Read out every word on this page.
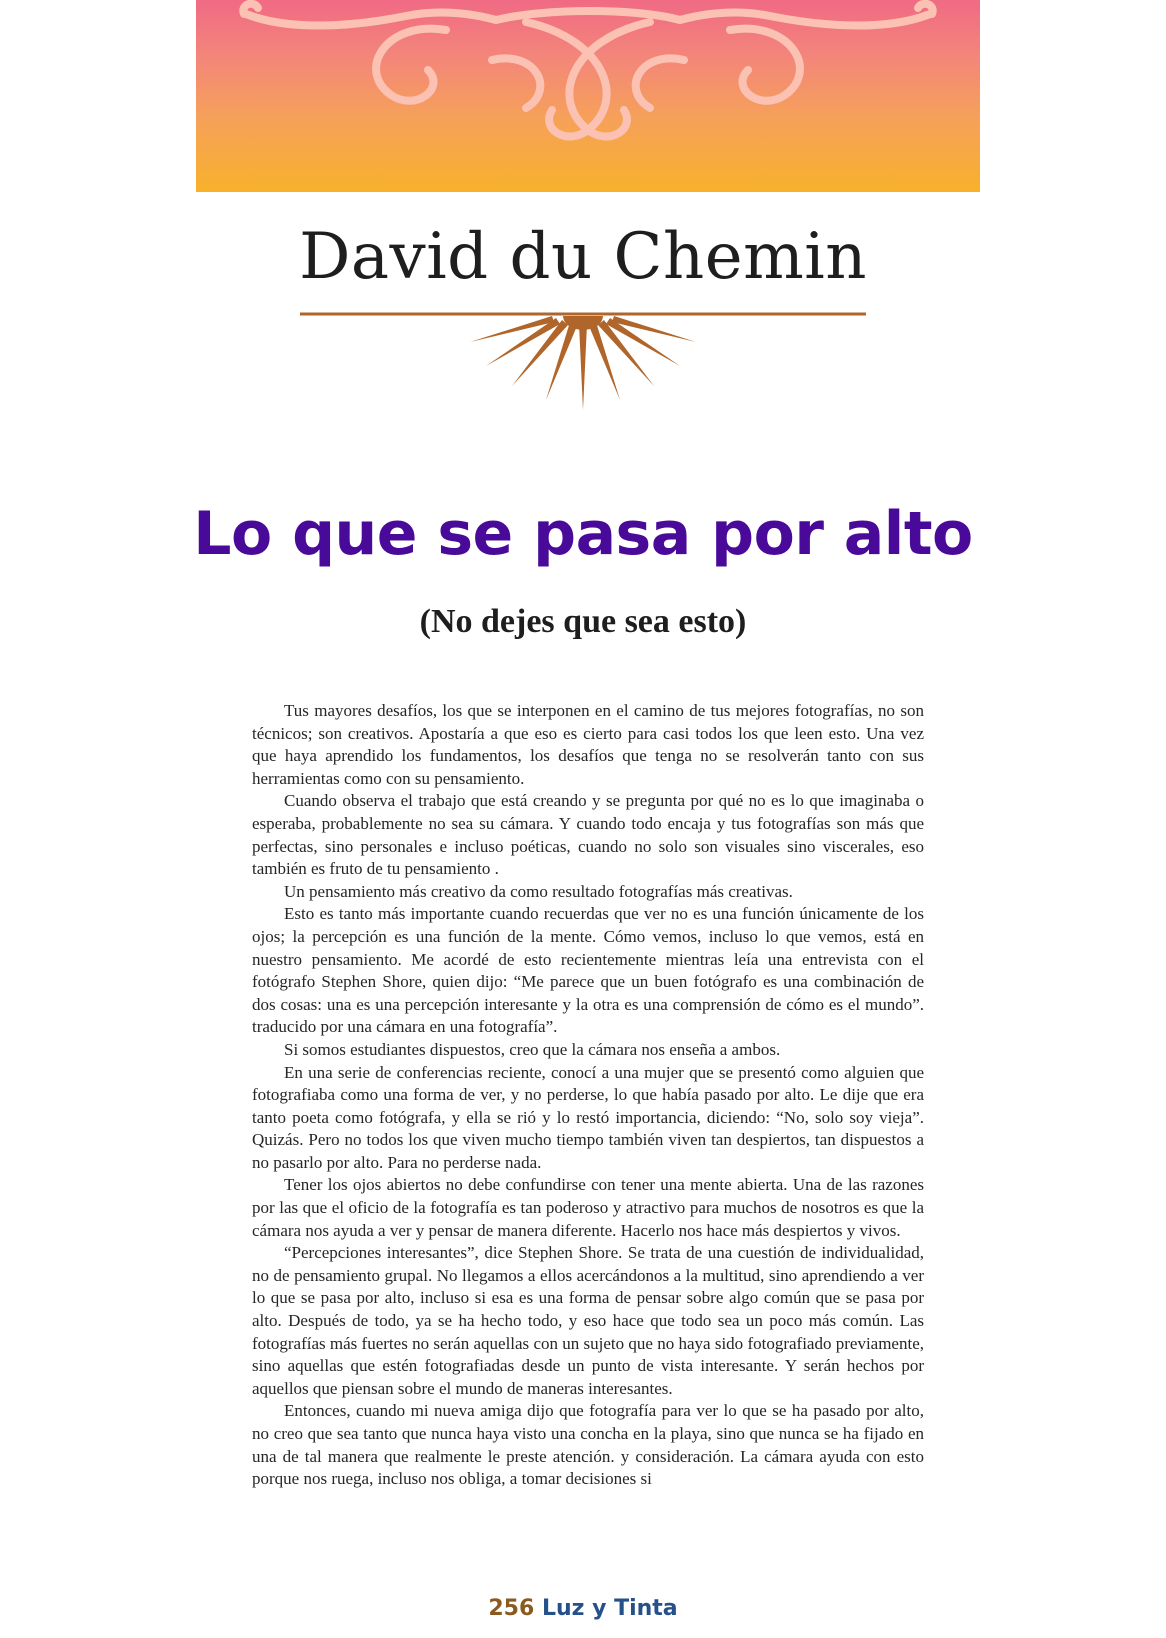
David du Chemin
Lo que se pasa por alto
(No dejes que sea esto)

Tus mayores desafíos, los que se interponen en el camino de tus mejores fotografías, no son técnicos; son creativos. Apostaría a que eso es cierto para casi todos los que leen esto. Una vez que haya aprendido los fundamentos, los desafíos que tenga no se resolverán tanto con sus herramientas como con su pensamiento.

Cuando observa el trabajo que está creando y se pregunta por qué no es lo que imaginaba o esperaba, probablemente no sea su cámara. Y cuando todo encaja y tus fotografías son más que perfectas, sino personales e incluso poéticas, cuando no solo son visuales sino viscerales, eso también es fruto de tu pensamiento .

Un pensamiento más creativo da como resultado fotografías más creativas.

Esto es tanto más importante cuando recuerdas que ver no es una función únicamente de los ojos; la percepción es una función de la mente. Cómo vemos, incluso lo que vemos, está en nuestro pensamiento. Me acordé de esto recientemente mientras leía una entrevista con el fotógrafo Stephen Shore, quien dijo: “Me parece que un buen fotógrafo es una combinación de dos cosas: una es una percepción interesante y la otra es una comprensión de cómo es el mundo”. traducido por una cámara en una fotografía”.

Si somos estudiantes dispuestos, creo que la cámara nos enseña a ambos.

En una serie de conferencias reciente, conocí a una mujer que se presentó como alguien que fotografiaba como una forma de ver, y no perderse, lo que había pasado por alto. Le dije que era tanto poeta como fotógrafa, y ella se rió y lo restó importancia, diciendo: “No, solo soy vieja”. Quizás. Pero no todos los que viven mucho tiempo también viven tan despiertos, tan dispuestos a no pasarlo por alto. Para no perderse nada.

Tener los ojos abiertos no debe confundirse con tener una mente abierta. Una de las razones por las que el oficio de la fotografía es tan poderoso y atractivo para muchos de nosotros es que la cámara nos ayuda a ver y pensar de manera diferente. Hacerlo nos hace más despiertos y vivos.

“Percepciones interesantes”, dice Stephen Shore. Se trata de una cuestión de individualidad, no de pensamiento grupal. No llegamos a ellos acercándonos a la multitud, sino aprendiendo a ver lo que se pasa por alto, incluso si esa es una forma de pensar sobre algo común que se pasa por alto. Después de todo, ya se ha hecho todo, y eso hace que todo sea un poco más común. Las fotografías más fuertes no serán aquellas con un sujeto que no haya sido fotografiado previamente, sino aquellas que estén fotografiadas desde un punto de vista interesante. Y serán hechos por aquellos que piensan sobre el mundo de maneras interesantes.

Entonces, cuando mi nueva amiga dijo que fotografía para ver lo que se ha pasado por alto, no creo que sea tanto que nunca haya visto una concha en la playa, sino que nunca se ha fijado en una de tal manera que realmente le preste atención. y consideración. La cámara ayuda con esto porque nos ruega, incluso nos obliga, a tomar decisiones si

256 Luz y Tinta
